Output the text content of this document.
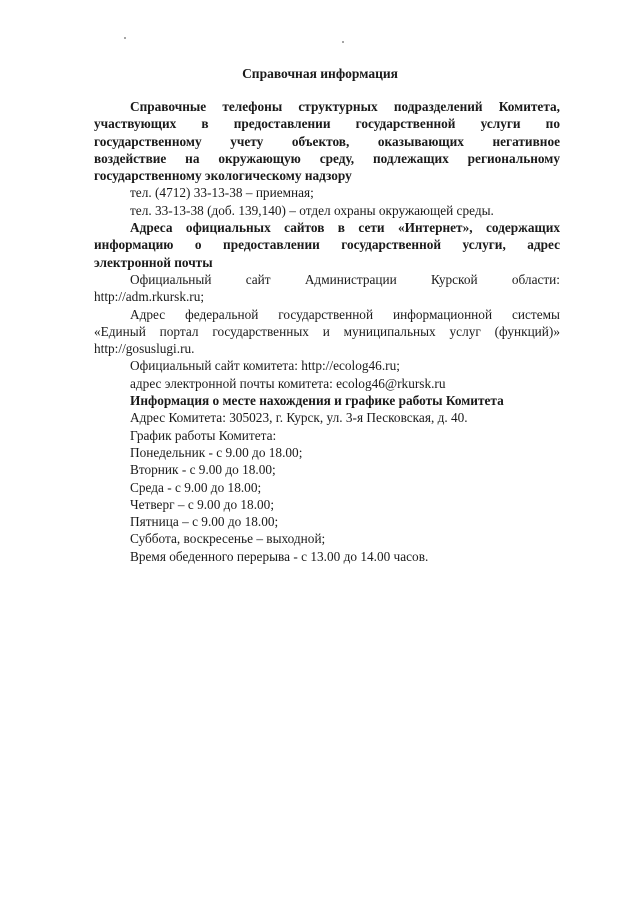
Справочная информация

Справочные телефоны структурных подразделений Комитета,

участвующих в предоставлении государственной услуги по

государственному учету объектов, оказывающих негативное

воздействие на окружающую среду, подлежащих региональному

государственному экологическому надзору

тел. (4712) 33-13-38 – приемная;

тел. 33-13-38 (доб. 139,140) – отдел охраны окружающей среды.

Адреса официальных сайтов в сети «Интернет», содержащих

информацию о предоставлении государственной услуги, адрес

электронной почты

Официальный сайт Администрации Курской области:

http://adm.rkursk.ru;

Адрес федеральной государственной информационной системы

«Единый портал государственных и муниципальных услуг (функций)»

http://gosuslugi.ru.

Официальный сайт комитета: http://ecolog46.ru;

адрес электронной почты комитета: ecolog46@rkursk.ru

Информация о месте нахождения и графике работы Комитета

Адрес Комитета: 305023, г. Курск, ул. 3-я Песковская, д. 40.

График работы Комитета:

Понедельник - с 9.00 до 18.00;

Вторник - с 9.00 до 18.00;

Среда - с 9.00 до 18.00;

Четверг – с 9.00 до 18.00;

Пятница – с 9.00 до 18.00;

Суббота, воскресенье – выходной;

Время обеденного перерыва - с 13.00 до 14.00 часов.
